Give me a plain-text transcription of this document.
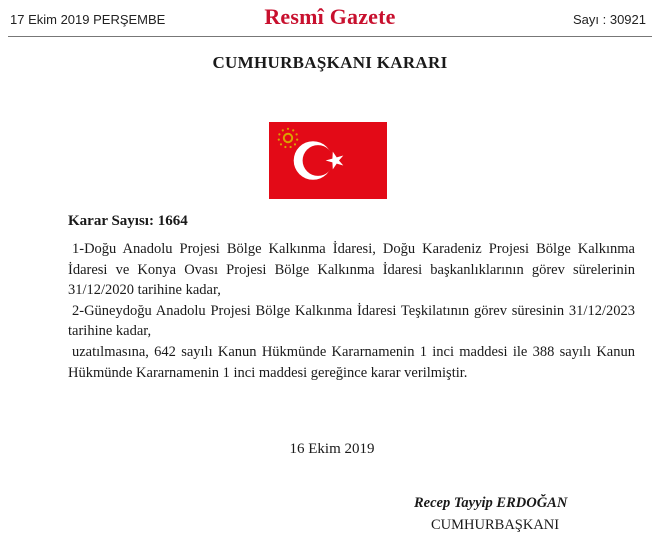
17 Ekim 2019 PERŞEMBE	Resmî Gazete	Sayı : 30921
CUMHURBAŞKANI KARARI
Karar Sayısı: 1664

1-Doğu Anadolu Projesi Bölge Kalkınma İdaresi, Doğu Karadeniz Projesi Bölge Kalkınma İdaresi ve Konya Ovası Projesi Bölge Kalkınma İdaresi başkanlıklarının görev sürelerinin 31/12/2020 tarihine kadar,

2-Güneydoğu Anadolu Projesi Bölge Kalkınma İdaresi Teşkilatının görev süresinin 31/12/2023 tarihine kadar,

uzatılmasına, 642 sayılı Kanun Hükmünde Kararnamenin 1 inci maddesi ile 388 sayılı Kanun Hükmünde Kararnamenin 1 inci maddesi gereğince karar verilmiştir.

16 Ekim 2019
Recep Tayyip ERDOĞAN
CUMHURBAŞKANI
